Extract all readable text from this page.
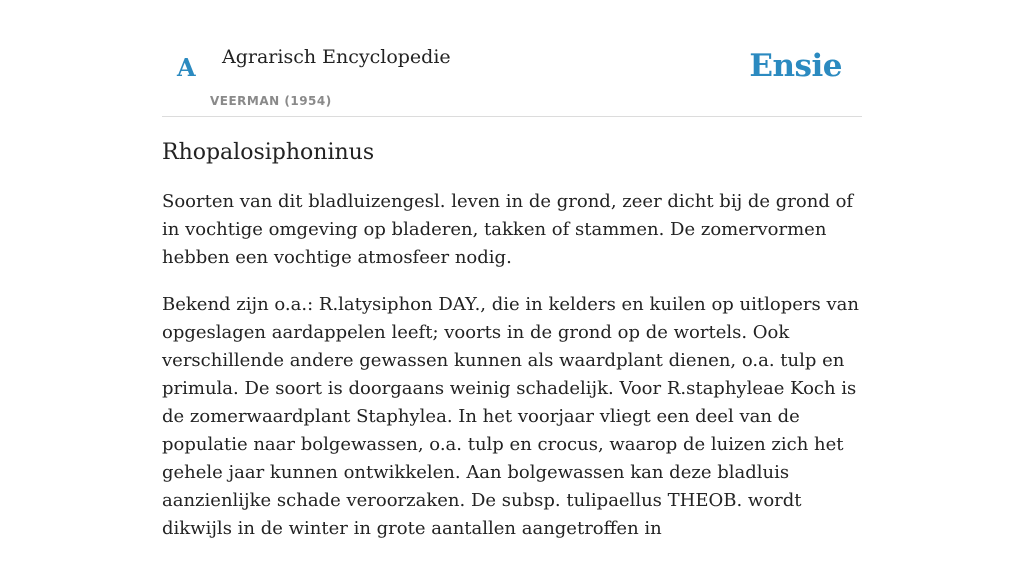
A Agrarisch Encyclopedie
VEERMAN (1954)
Ensie
Rhopalosiphoninus

Soorten van dit bladluizengesl. leven in de grond, zeer dicht bij de grond of in vochtige omgeving op bladeren, takken of stammen. De zomervormen hebben een vochtige atmosfeer nodig.

Bekend zijn o.a.: R.latysiphon DAY., die in kelders en kuilen op uitlopers van opgeslagen aardappelen leeft; voorts in de grond op de wortels. Ook verschillende andere gewassen kunnen als waardplant dienen, o.a. tulp en primula. De soort is doorgaans weinig schadelijk. Voor R.staphyleae Koch is de zomerwaardplant Staphylea. In het voorjaar vliegt een deel van de populatie naar bolgewassen, o.a. tulp en crocus, waarop de luizen zich het gehele jaar kunnen ontwikkelen. Aan bolgewassen kan deze bladluis aanzienlijke schade veroorzaken. De subsp. tulipaellus THEOB. wordt dikwijls in de winter in grote aantallen aangetroffen in
